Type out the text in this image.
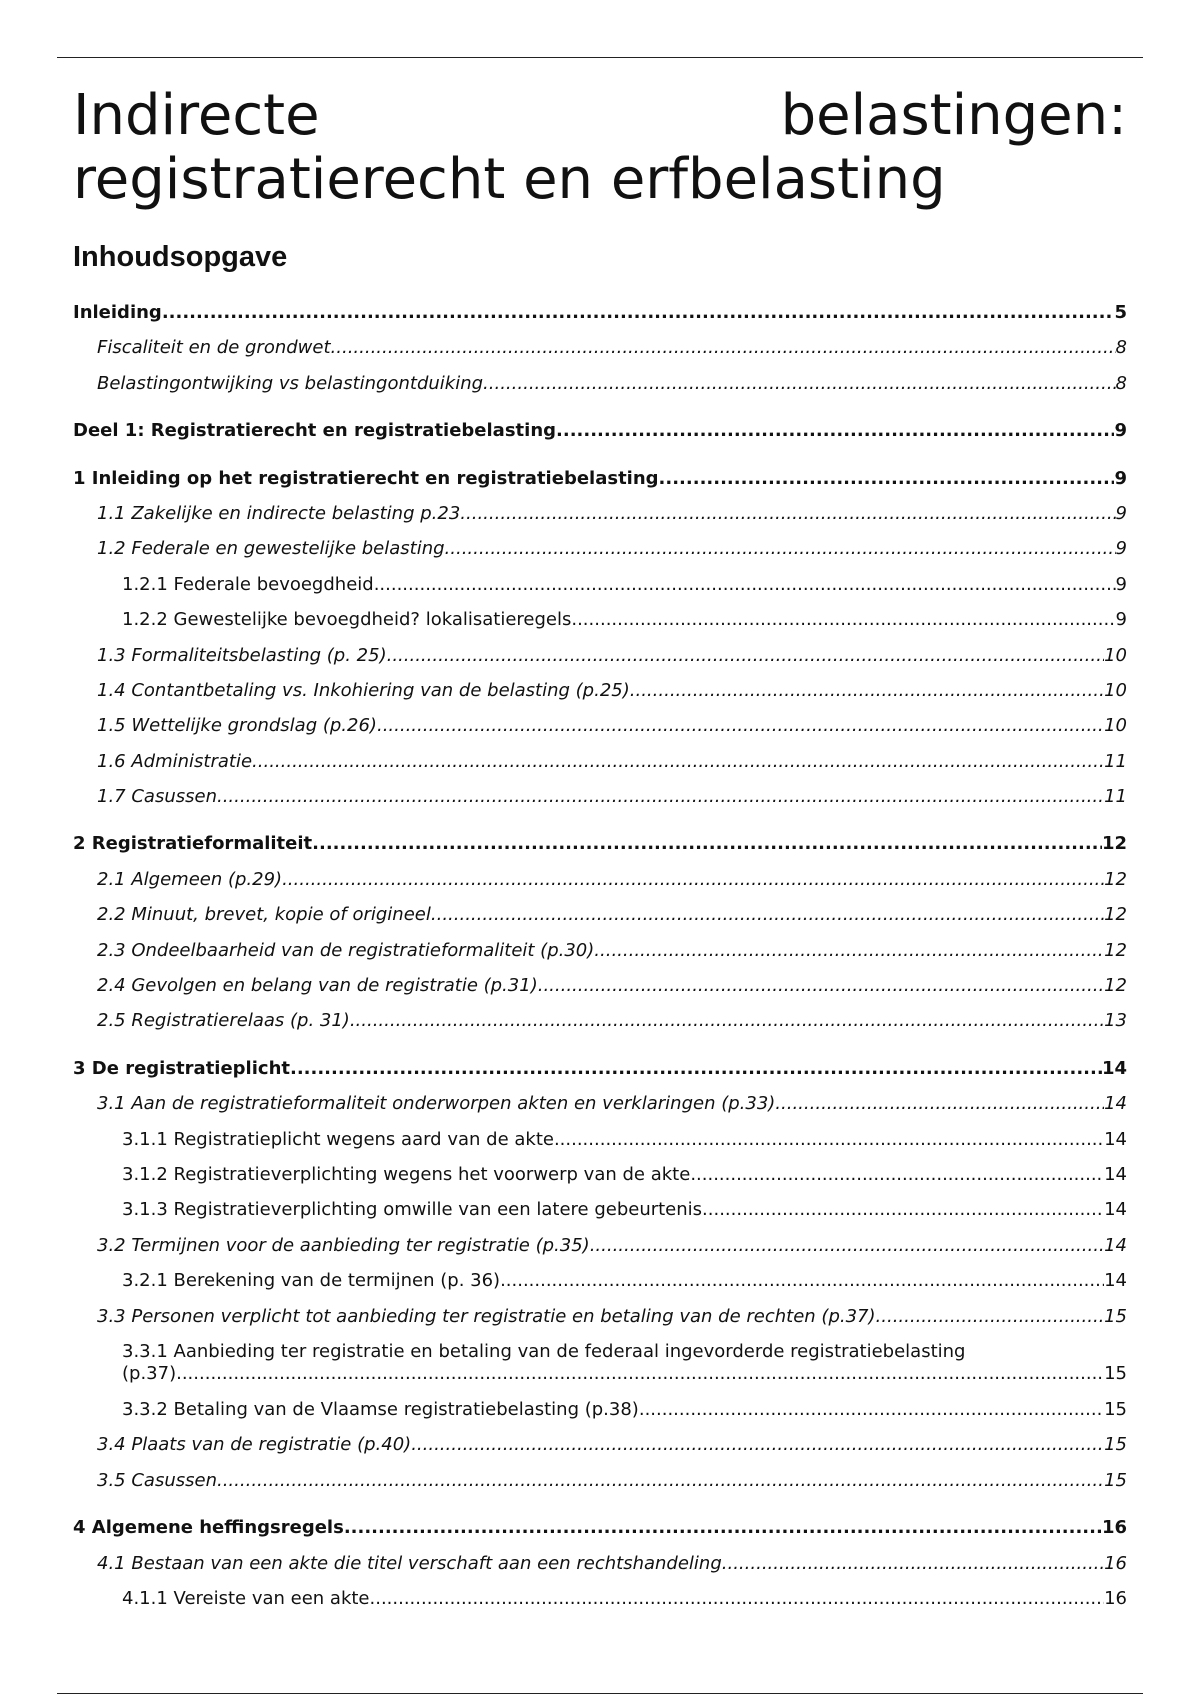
Indirecte belastingen: registratierecht en erfbelasting
Inhoudsopgave
Inleiding .....	5
Fiscaliteit en de grondwet .....	8
Belastingontwijking vs belastingontduiking .....	8
Deel 1: Registratierecht en registratiebelasting .....	9
1 Inleiding op het registratierecht en registratiebelasting .....	9
1.1 Zakelijke en indirecte belasting p.23 .....	9
1.2 Federale en gewestelijke belasting .....	9
1.2.1 Federale bevoegdheid .....	9
1.2.2 Gewestelijke bevoegdheid? lokalisatieregels .....	9
1.3 Formaliteitsbelasting (p. 25) .....	10
1.4 Contantbetaling vs. Inkohiering van de belasting (p.25) .....	10
1.5 Wettelijke grondslag (p.26) .....	10
1.6 Administratie .....	11
1.7 Casussen .....	11
2 Registratieformaliteit .....	12
2.1 Algemeen (p.29) .....	12
2.2 Minuut, brevet, kopie of origineel .....	12
2.3 Ondeelbaarheid van de registratieformaliteit (p.30) .....	12
2.4 Gevolgen en belang van de registratie (p.31) .....	12
2.5 Registratierelaas (p. 31) .....	13
3 De registratieplicht .....	14
3.1 Aan de registratieformaliteit onderworpen akten en verklaringen (p.33) .....	14
3.1.1 Registratieplicht wegens aard van de akte .....	14
3.1.2 Registratieverplichting wegens het voorwerp van de akte .....	14
3.1.3 Registratieverplichting omwille van een latere gebeurtenis .....	14
3.2 Termijnen voor de aanbieding ter registratie (p.35) .....	14
3.2.1 Berekening van de termijnen (p. 36) .....	14
3.3 Personen verplicht tot aanbieding ter registratie en betaling van de rechten (p.37) .....	15
3.3.1 Aanbieding ter registratie en betaling van de federaal ingevorderde registratiebelasting
(p.37) .....	15
3.3.2 Betaling van de Vlaamse registratiebelasting (p.38) .....	15
3.4 Plaats van de registratie (p.40) .....	15
3.5 Casussen .....	15
4 Algemene heffingsregels .....	16
4.1 Bestaan van een akte die titel verschaft aan een rechtshandeling .....	16
4.1.1 Vereiste van een akte .....	16
